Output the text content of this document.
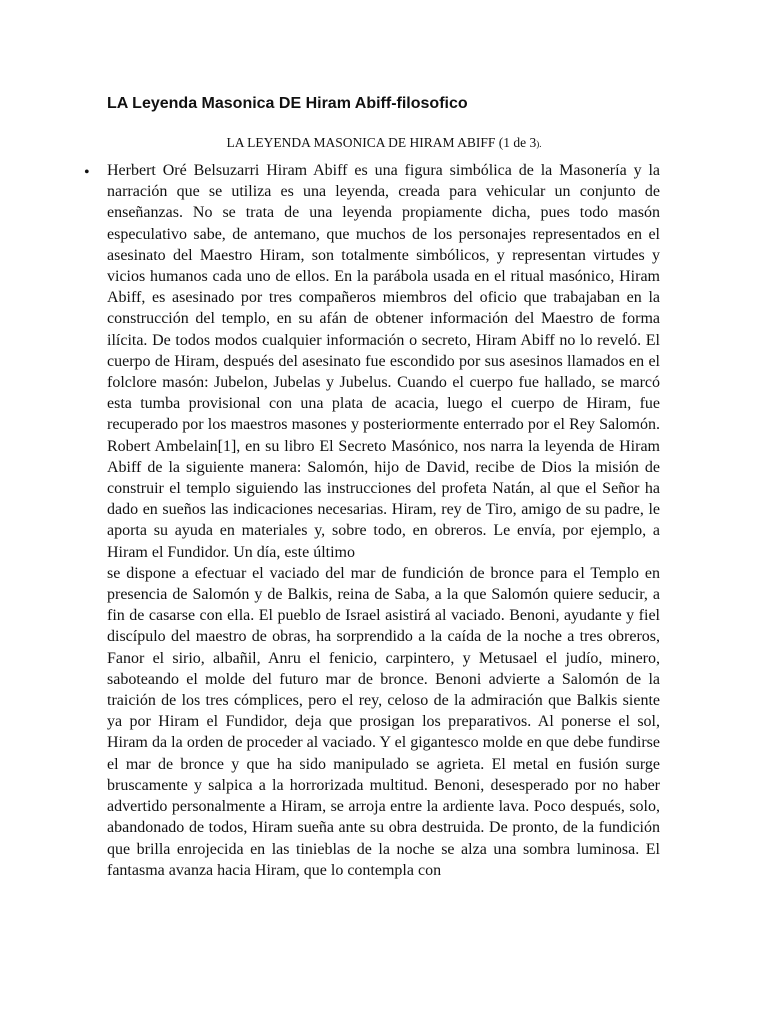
LA Leyenda Masonica DE Hiram Abiff-filosofico
LA LEYENDA MASONICA DE HIRAM ABIFF (1 de 3).
• Herbert Oré Belsuzarri Hiram Abiff es una figura simbólica de la Masonería y la narración que se utiliza es una leyenda, creada para vehicular un conjunto de enseñanzas. No se trata de una leyenda propiamente dicha, pues todo masón especulativo sabe, de antemano, que muchos de los personajes representados en el asesinato del Maestro Hiram, son totalmente simbólicos, y representan virtudes y vicios humanos cada uno de ellos. En la parábola usada en el ritual masónico, Hiram Abiff, es asesinado por tres compañeros miembros del oficio que trabajaban en la construcción del templo, en su afán de obtener información del Maestro de forma ilícita. De todos modos cualquier información o secreto, Hiram Abiff no lo reveló. El cuerpo de Hiram, después del asesinato fue escondido por sus asesinos llamados en el folclore masón: Jubelon, Jubelas y Jubelus. Cuando el cuerpo fue hallado, se marcó esta tumba provisional con una plata de acacia, luego el cuerpo de Hiram, fue recuperado por los maestros masones y posteriormente enterrado por el Rey Salomón. Robert Ambelain[1], en su libro El Secreto Masónico, nos narra la leyenda de Hiram Abiff de la siguiente manera: Salomón, hijo de David, recibe de Dios la misión de construir el templo siguiendo las instrucciones del profeta Natán, al que el Señor ha dado en sueños las indicaciones necesarias. Hiram, rey de Tiro, amigo de su padre, le aporta su ayuda en materiales y, sobre todo, en obreros. Le envía, por ejemplo, a Hiram el Fundidor. Un día, este último

se dispone a efectuar el vaciado del mar de fundición de bronce para el Templo en presencia de Salomón y de Balkis, reina de Saba, a la que Salomón quiere seducir, a fin de casarse con ella. El pueblo de Israel asistirá al vaciado. Benoni, ayudante y fiel discípulo del maestro de obras, ha sorprendido a la caída de la noche a tres obreros, Fanor el sirio, albañil, Anru el fenicio, carpintero, y Metusael el judío, minero, saboteando el molde del futuro mar de bronce. Benoni advierte a Salomón de la traición de los tres cómplices, pero el rey, celoso de la admiración que Balkis siente ya por Hiram el Fundidor, deja que prosigan los preparativos. Al ponerse el sol, Hiram da la orden de proceder al vaciado. Y el gigantesco molde en que debe fundirse el mar de bronce y que ha sido manipulado se agrieta. El metal en fusión surge bruscamente y salpica a la horrorizada multitud. Benoni, desesperado por no haber advertido personalmente a Hiram, se arroja entre la ardiente lava. Poco después, solo, abandonado de todos, Hiram sueña ante su obra destruida. De pronto, de la fundición que brilla enrojecida en las tinieblas de la noche se alza una sombra luminosa. El fantasma avanza hacia Hiram, que lo contempla con
